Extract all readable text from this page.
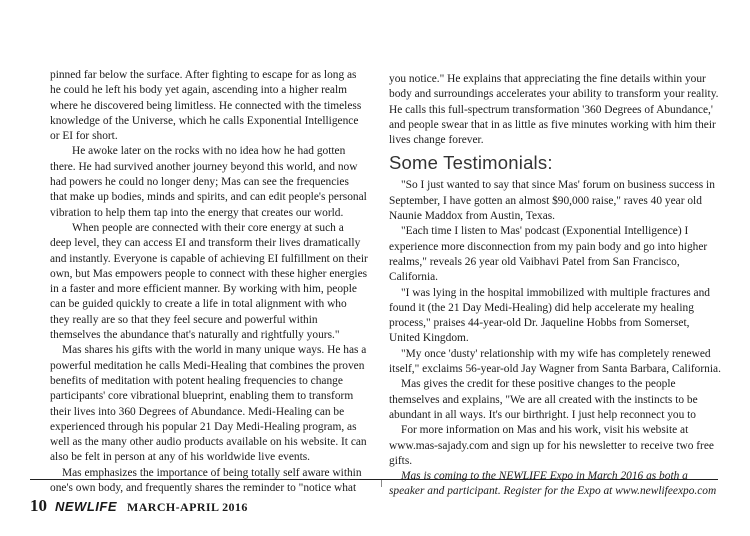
pinned far below the surface. After fighting to escape for as long as he could he left his body yet again, ascending into a higher realm where he discovered being limitless. He connected with the timeless knowledge of the Universe, which he calls Exponential Intelligence or EI for short.

He awoke later on the rocks with no idea how he had gotten there. He had survived another journey beyond this world, and now had powers he could no longer deny; Mas can see the frequencies that make up bodies, minds and spirits, and can edit people's personal vibration to help them tap into the energy that creates our world.

When people are connected with their core energy at such a deep level, they can access EI and transform their lives dramatically and instantly. Everyone is capable of achieving EI fulfillment on their own, but Mas empowers people to connect with these higher energies in a faster and more efficient manner. By working with him, people can be guided quickly to create a life in total alignment with who they really are so that they feel secure and powerful within themselves the abundance that's naturally and rightfully yours."

Mas shares his gifts with the world in many unique ways. He has a powerful meditation he calls Medi-Healing that combines the proven benefits of meditation with potent healing frequencies to change participants' core vibrational blueprint, enabling them to transform their lives into 360 Degrees of Abundance. Medi-Healing can be experienced through his popular 21 Day Medi-Healing program, as well as the many other audio products available on his website. It can also be felt in person at any of his worldwide live events.

Mas emphasizes the importance of being totally self aware within one's own body, and frequently shares the reminder to "notice what

you notice." He explains that appreciating the fine details within your body and surroundings accelerates your ability to transform your reality. He calls this full-spectrum transformation '360 Degrees of Abundance,' and people swear that in as little as five minutes working with him their lives change forever.

Some Testimonials:

"So I just wanted to say that since Mas' forum on business success in September, I have gotten an almost $90,000 raise," raves 40 year old Naunie Maddox from Austin, Texas.

"Each time I listen to Mas' podcast (Exponential Intelligence) I experience more disconnection from my pain body and go into higher realms," reveals 26 year old Vaibhavi Patel from San Francisco, California.

"I was lying in the hospital immobilized with multiple fractures and found it (the 21 Day Medi-Healing) did help accelerate my healing process," praises 44-year-old Dr. Jaqueline Hobbs from Somerset, United Kingdom.

"My once 'dusty' relationship with my wife has completely renewed itself," exclaims 56-year-old Jay Wagner from Santa Barbara, California.

Mas gives the credit for these positive changes to the people themselves and explains, "We are all created with the instincts to be abundant in all ways. It's our birthright. I just help reconnect you to

For more information on Mas and his work, visit his website at www.mas-sajady.com and sign up for his newsletter to receive two free gifts.

Mas is coming to the NEWLIFE Expo in March 2016 as both a speaker and participant. Register for the Expo at www.newlifeexpo.com

10 NEWLIFE MARCH-APRIL 2016
